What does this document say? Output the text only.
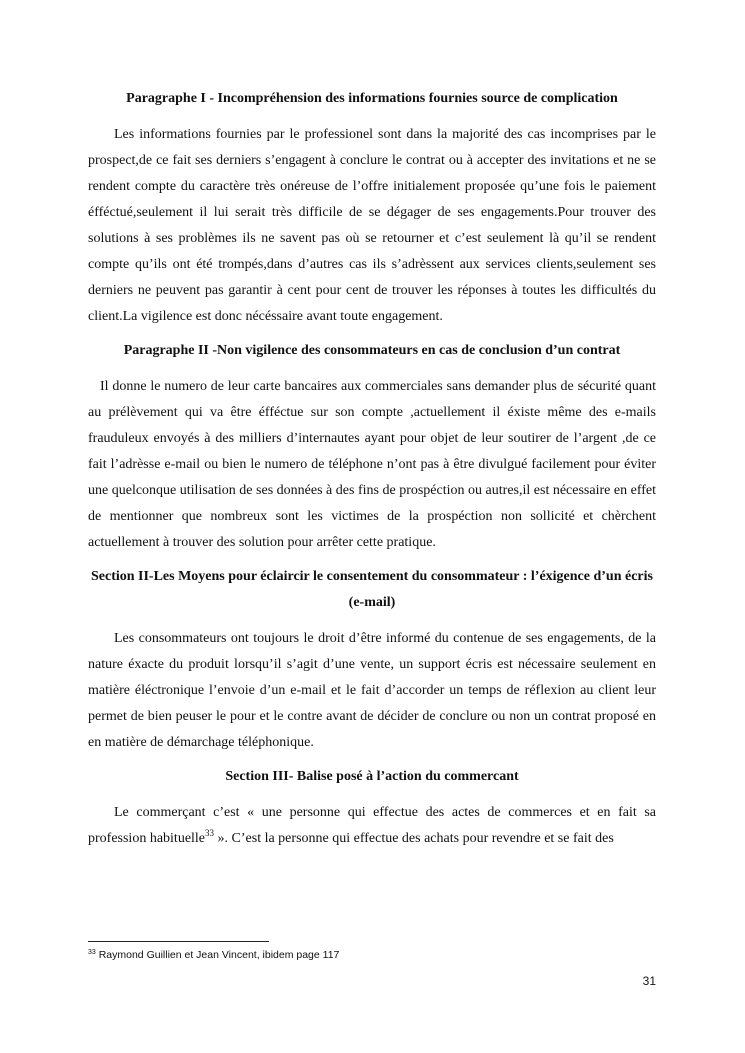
Paragraphe I - Incompréhension des informations fournies source de complication

Les informations fournies par le professionel sont dans la majorité des cas incomprises par le prospect,de ce fait ses derniers s’engagent à conclure le contrat ou à accepter des invitations et ne se rendent compte du caractère très onéreuse de l’offre initialement proposée qu’une fois le paiement éfféctué,seulement il lui serait très difficile de se dégager de ses engagements.Pour trouver des solutions à ses problèmes ils ne savent pas où se retourner et c’est seulement là qu’il se rendent compte qu’ils ont été trompés,dans d’autres cas ils s’adrèssent aux services clients,seulement ses derniers ne peuvent pas garantir à cent pour cent de trouver les réponses à toutes les difficultés du client.La vigilence est donc nécéssaire avant toute engagement.

Paragraphe II -Non vigilence des consommateurs en cas de conclusion d’un contrat

Il donne le numero de leur carte bancaires aux commerciales sans demander plus de sécurité quant au prélèvement qui va être éfféctue sur son compte ,actuellement il éxiste même des e-mails frauduleux envoyés à des milliers d’internautes ayant pour objet de leur soutirer de l’argent ,de ce fait l’adrèsse e-mail ou bien le numero de téléphone n’ont pas à être divulgué facilement pour éviter une quelconque utilisation de ses données à des fins de prospéction ou autres,il est nécessaire en effet de mentionner que nombreux sont les victimes de la prospéction non sollicité et chèrchent actuellement à trouver des solution pour arrêter cette pratique.

Section II-Les Moyens pour éclaircir le consentement du consommateur : l’éxigence d’un écris (e-mail)

Les consommateurs ont toujours le droit d’être informé du contenue de ses engagements, de la nature éxacte du produit lorsqu’il s’agit d’une vente, un support écris est nécessaire seulement en matière éléctronique l’envoie d’un e-mail et le fait d’accorder un temps de réflexion au client leur permet de bien peuser le pour et le contre avant de décider de conclure ou non un contrat proposé en en matière de démarchage téléphonique.

Section III- Balise posé à l’action du commercant

Le commerçant c’est « une personne qui effectue des actes de commerces et en fait sa profession habituelle$^{33}$ ». C’est la personne qui effectue des achats pour revendre et se fait des

$^{33}$ Raymond Guillien et Jean Vincent, ibidem page 117
31
